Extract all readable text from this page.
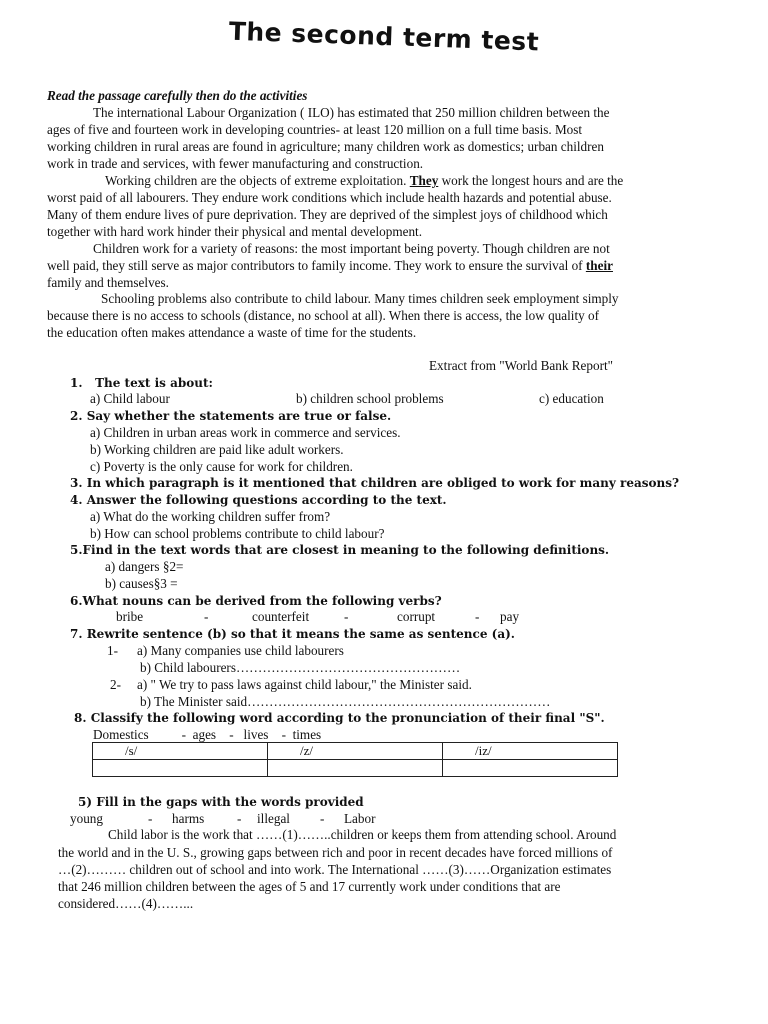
The second term test
Read the passage carefully then do the activities
The international Labour Organization ( ILO) has estimated that 250 million children between the
ages of five and fourteen work in developing countries- at least 120 million on a full time basis. Most
working children in rural areas are found in agriculture; many children work as domestics; urban children
work in trade and services, with fewer manufacturing and construction.
Working children are the objects of extreme exploitation. They work the longest hours and are the
worst paid of all labourers. They endure work conditions which include health hazards and potential abuse.
Many of them endure lives of pure deprivation. They are deprived of the simplest joys of childhood which
together with hard work hinder their physical and mental development.
Children work for a variety of reasons: the most important being poverty. Though children are not
well paid, they still serve as major contributors to family income. They work to ensure the survival of their
family and themselves.
Schooling problems also contribute to child labour. Many times children seek employment simply
because there is no access to schools (distance, no school at all). When there is access, the low quality of
the education often makes attendance a waste of time for the students.
Extract from "World Bank Report"
1. The text is about:
a) Child labour	b) children school problems	c) education
2. Say whether the statements are true or false.
a) Children in urban areas work in commerce and services.
b) Working children are paid like adult workers.
c) Poverty is the only cause for work for children.
3. In which paragraph is it mentioned that children are obliged to work for many reasons?
4. Answer the following questions according to the text.
a) What do the working children suffer from?
b) How can school problems contribute to child labour?
5.Find in the text words that are closest in meaning to the following definitions.
a) dangers §2=
b) causes§3 =
6.What nouns can be derived from the following verbs?
bribe	-	counterfeit	-	corrupt	- pay
7. Rewrite sentence (b) so that it means the same as sentence (a).
1- a) Many companies use child labourers
b) Child labourers……………………………………………
2- a) " We try to pass laws against child labour," the Minister said.
b) The Minister said……………………………………………………………
8. Classify the following word according to the pronunciation of their final "S".
Domestics          -  ages    -   lives    -  times
/s/	/z/	/iz/

5) Fill in the gaps with the words provided
young	- harms - illegal - Labor
Child labor is the work that ……(1)……..children or keeps them from attending school. Around
the world and in the U. S., growing gaps between rich and poor in recent decades have forced millions of
…(2)……… children out of school and into work. The International ……(3)……Organization estimates
that 246 million children between the ages of 5 and 17 currently work under conditions that are
considered……(4)……...
